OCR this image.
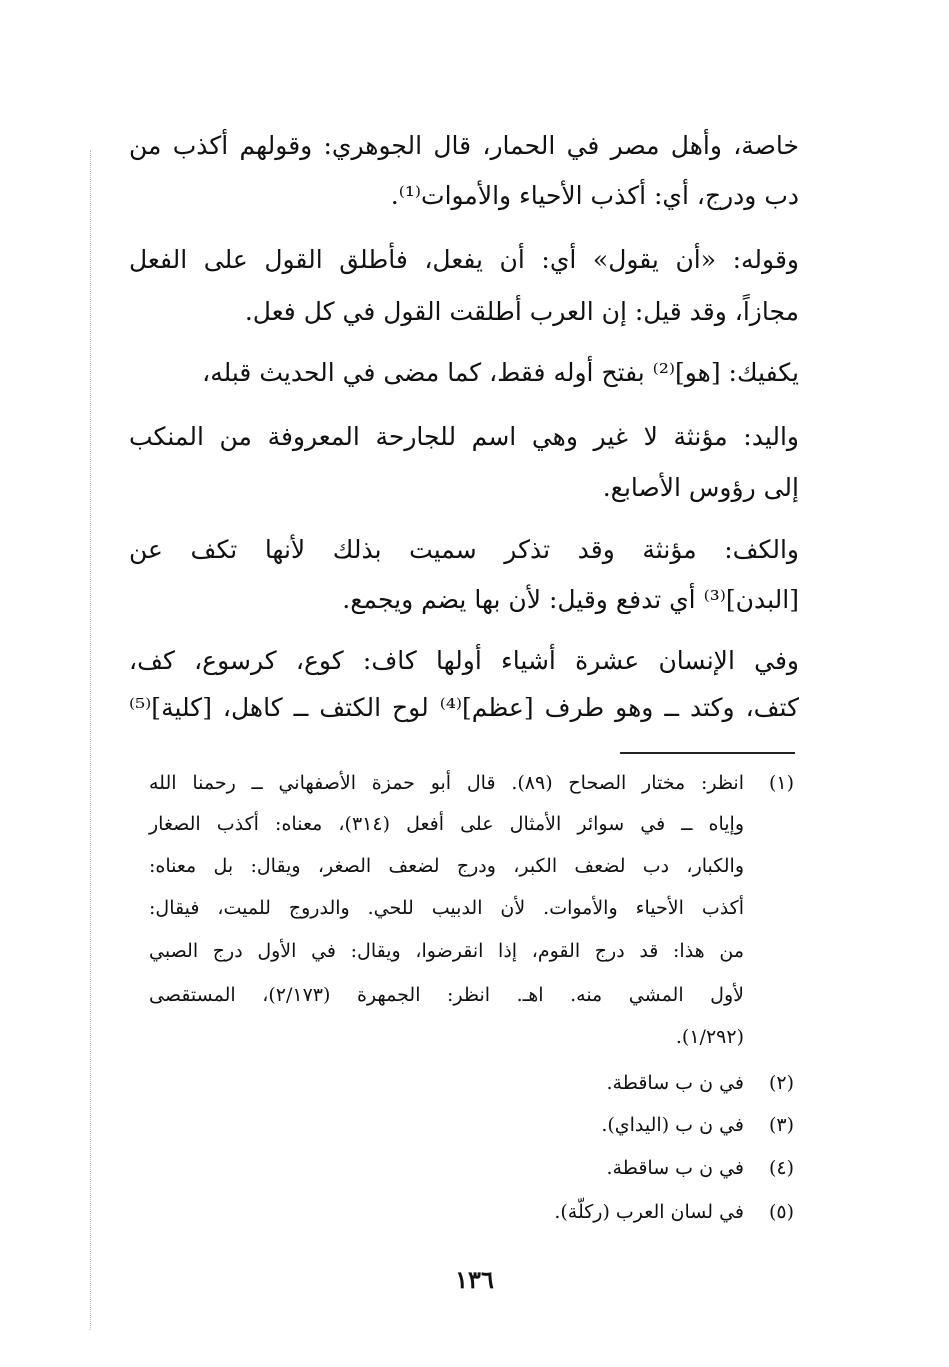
خاصة، وأهل مصر في الحمار، قال الجوهري: وقولهم أكذب من
دب ودرج، أي: أكذب الأحياء والأموات⁽¹⁾.
وقوله: «أن يقول» أي: أن يفعل، فأطلق القول على الفعل
مجازاً، وقد قيل: إن العرب أطلقت القول في كل فعل.
يكفيك: [هو]⁽²⁾ بفتح أوله فقط، كما مضى في الحديث قبله،
واليد: مؤنثة لا غير وهي اسم للجارحة المعروفة من المنكب
إلى رؤوس الأصابع.
والكف: مؤنثة وقد تذكر سميت بذلك لأنها تكف عن
[البدن]⁽³⁾ أي تدفع وقيل: لأن بها يضم ويجمع.
وفي الإنسان عشرة أشياء أولها كاف: كوع، كرسوع، كف،
كتف، وكتد ــ وهو طرف [عظم]⁽⁴⁾ لوح الكتف ــ كاهل، [كلية]⁽⁵⁾
(١)
انظر: مختار الصحاح (٨٩). قال أبو حمزة الأصفهاني ــ رحمنا الله
وإياه ــ في سوائر الأمثال على أفعل (٣١٤)، معناه: أكذب الصغار
والكبار، دب لضعف الكبر، ودرج لضعف الصغر، ويقال: بل معناه:
أكذب الأحياء والأموات. لأن الدبيب للحي. والدروج للميت، فيقال:
من هذا: قد درج القوم، إذا انقرضوا، ويقال: في الأول درج الصبي
لأول المشي منه. اهـ. انظر: الجمهرة (٢/١٧٣)، المستقصى
(١/٢٩٢).
(٢)
في ن ب ساقطة.
(٣)
في ن ب (اليداي).
(٤)
في ن ب ساقطة.
(٥)
في لسان العرب (ركلّة).
١٣٦
